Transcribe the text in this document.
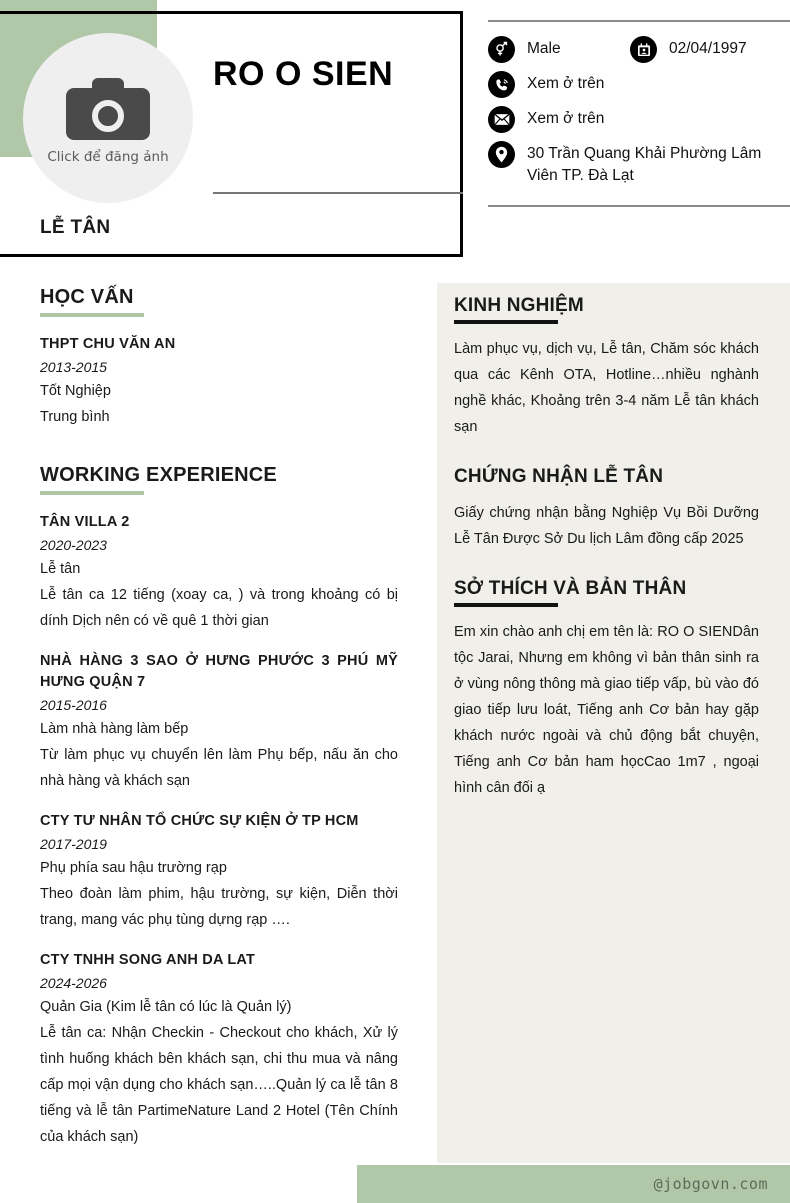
Click để đăng ảnh
RO O SIEN
LỄ TÂN
Male	02/04/1997
Xem ở trên
Xem ở trên
30 Trần Quang Khải Phường Lâm Viên TP. Đà Lạt
HỌC VẤN
THPT CHU VĂN AN
2013-2015
Tốt Nghiệp
Trung bình
WORKING EXPERIENCE
TÂN VILLA 2
2020-2023
Lễ tân
Lễ tân ca 12 tiếng (xoay ca, ) và trong khoảng có bị dính Dịch nên có về quê 1 thời gian
NHÀ HÀNG 3 SAO Ở HƯNG PHƯỚC 3 PHÚ MỸ HƯNG QUẬN 7
2015-2016
Làm nhà hàng làm bếp
Từ làm phục vụ chuyển lên làm Phụ bếp, nấu ăn cho nhà hàng và khách sạn
CTY TƯ NHÂN TỔ CHỨC SỰ KIỆN Ở TP HCM
2017-2019
Phụ phía sau hậu trường rạp
Theo đoàn làm phim, hậu trường, sự kiện, Diễn thời trang, mang vác phụ tùng dựng rạp ….
CTY TNHH SONG ANH DA LAT
2024-2026
Quản Gia (Kim lễ tân có lúc là Quản lý)
Lễ tân ca: Nhận Checkin - Checkout cho khách, Xử lý tình huống khách bên khách sạn, chi thu mua và nâng cấp mọi vận dụng cho khách sạn…..Quản lý ca lễ tân 8 tiếng và lễ tân PartimeNature Land 2 Hotel (Tên Chính của khách sạn)
KINH NGHIỆM
Làm phục vụ, dịch vụ, Lễ tân, Chăm sóc khách qua các Kênh OTA, Hotline…nhiều nghành nghề khác, Khoảng trên 3-4 năm Lễ tân khách sạn
CHỨNG NHẬN LỄ TÂN
Giấy chứng nhận bằng Nghiệp Vụ Bồi Dưỡng Lễ Tân Được Sở Du lịch Lâm đồng cấp 2025
SỞ THÍCH VÀ BẢN THÂN
Em xin chào anh chị em tên là: RO O SIENDân tộc Jarai, Nhưng em không vì bản thân sinh ra ở vùng nông thông mà giao tiếp vấp, bù vào đó giao tiếp lưu loát, Tiếng anh Cơ bản hay gặp khách nước ngoài và chủ động bắt chuyện, Tiếng anh Cơ bản ham họcCao 1m7 , ngoại hình cân đối ạ
@jobgovn.com
